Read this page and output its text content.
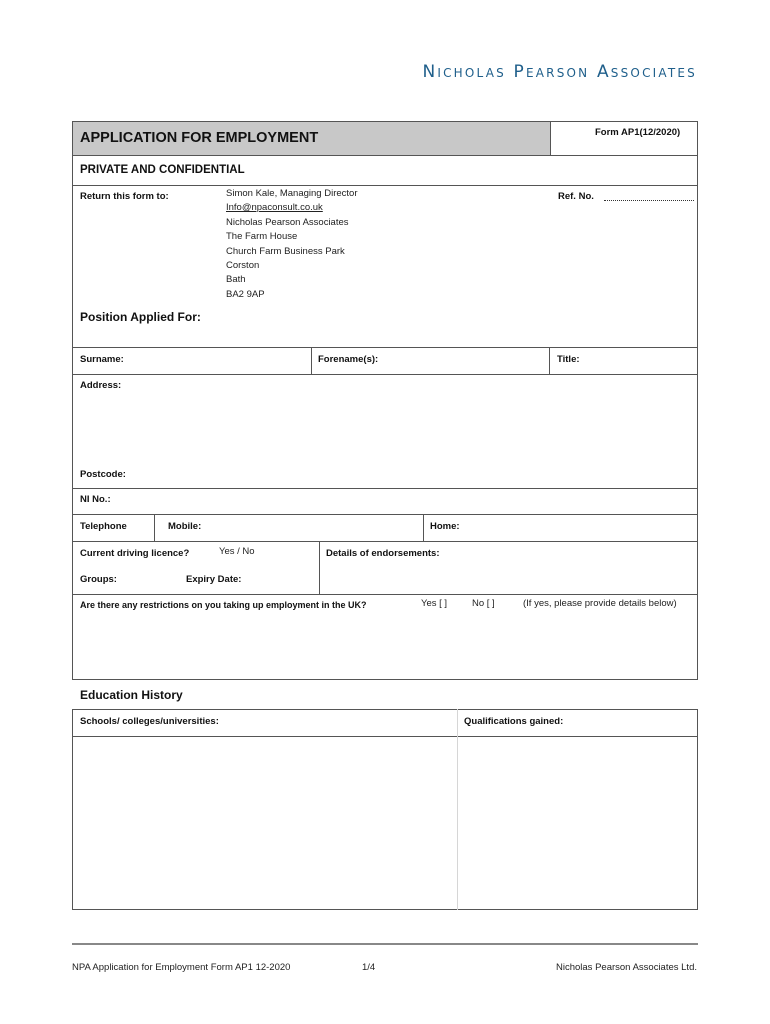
Nicholas Pearson Associates
APPLICATION FOR EMPLOYMENT	Form AP1(12/2020)
PRIVATE AND CONFIDENTIAL
Return this form to:	Simon Kale, Managing Director
Info@npaconsult.co.uk
Nicholas Pearson Associates
The Farm House
Church Farm Business Park
Corston
Bath
BA2 9AP
Ref. No.
Position Applied For:
Surname:	Forename(s):	Title:
Address:
Postcode:
NI No.:
Telephone	Mobile:	Home:
Current driving licence?	Yes / No	Details of endorsements:
Groups:	Expiry Date:
Are there any restrictions on you taking up employment in the UK?	Yes [ ]	No [ ]	(If yes, please provide details below)
Education History
Schools/ colleges/universities:	Qualifications gained:
NPA Application for Employment Form AP1 12-2020	1/4	Nicholas Pearson Associates Ltd.
